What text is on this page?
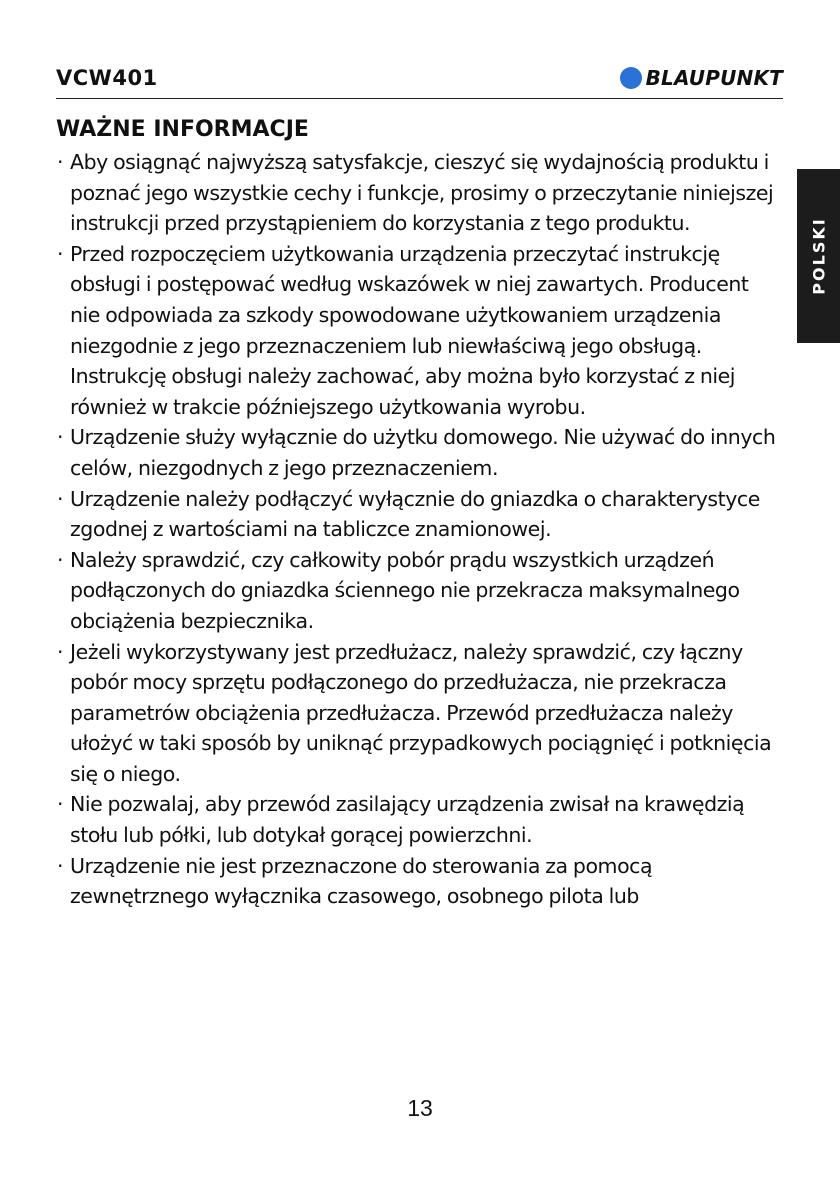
VCW401	BLAUPUNKT
POLSKI
WAŻNE INFORMACJE
· Aby osiągnąć najwyższą satysfakcje, cieszyć się wydajnością produktu i poznać jego wszystkie cechy i funkcje, prosimy o przeczytanie niniejszej instrukcji przed przystąpieniem do korzystania z tego produktu.
· Przed rozpoczęciem użytkowania urządzenia przeczytać instrukcję obsługi i postępować według wskazówek w niej zawartych. Producent nie odpowiada za szkody spowodowane użytkowaniem urządzenia niezgodnie z jego przeznaczeniem lub niewłaściwą jego obsługą. Instrukcję obsługi należy zachować, aby można było korzystać z niej również w trakcie późniejszego użytkowania wyrobu.
· Urządzenie służy wyłącznie do użytku domowego. Nie używać do innych celów, niezgodnych z jego przeznaczeniem.
· Urządzenie należy podłączyć wyłącznie do gniazdka o charakterystyce zgodnej z wartościami na tabliczce znamionowej.
· Należy sprawdzić, czy całkowity pobór prądu wszystkich urządzeń podłączonych do gniazdka ściennego nie przekracza maksymalnego obciążenia bezpiecznika.
· Jeżeli wykorzystywany jest przedłużacz, należy sprawdzić, czy łączny pobór mocy sprzętu podłączonego do przedłużacza, nie przekracza parametrów obciążenia przedłużacza. Przewód przedłużacza należy ułożyć w taki sposób by uniknąć przypadkowych pociągnięć i potknięcia się o niego.
· Nie pozwalaj, aby przewód zasilający urządzenia zwisał na krawędzią stołu lub półki, lub dotykał gorącej powierzchni.
· Urządzenie nie jest przeznaczone do sterowania za pomocą zewnętrznego wyłącznika czasowego, osobnego pilota lub
13
